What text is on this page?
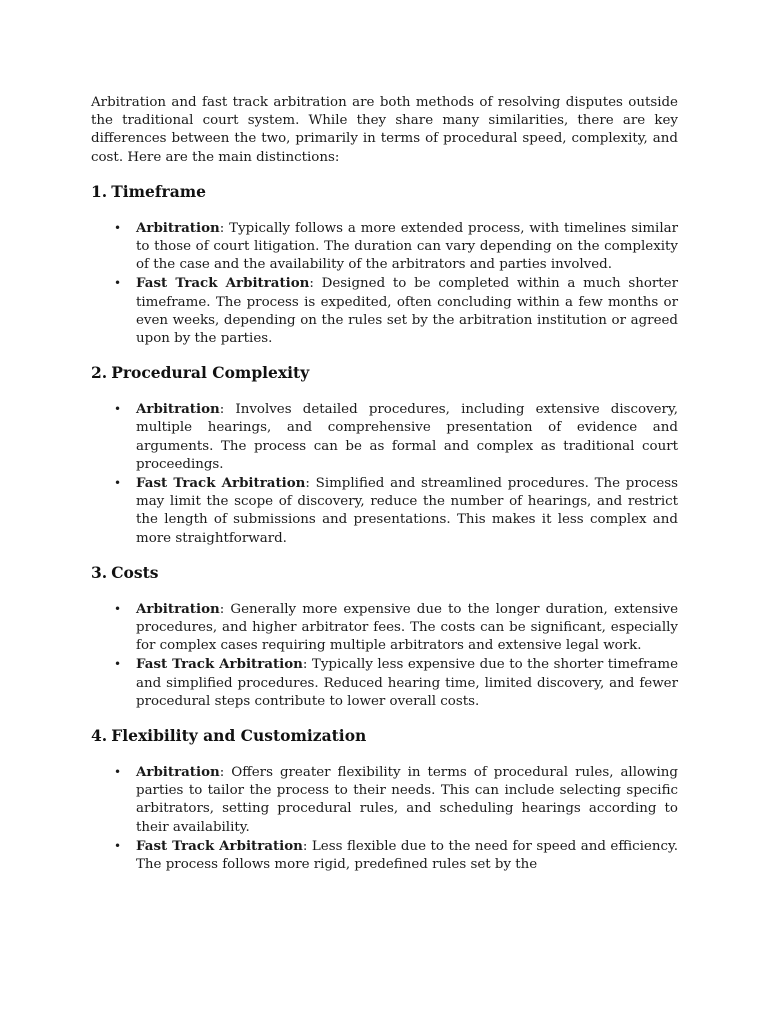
Arbitration and fast track arbitration are both methods of resolving disputes outside the traditional court system. While they share many similarities, there are key differences between the two, primarily in terms of procedural speed, complexity, and cost. Here are the main distinctions:

1. Timeframe
• Arbitration: Typically follows a more extended process, with timelines similar to those of court litigation. The duration can vary depending on the complexity of the case and the availability of the arbitrators and parties involved.
• Fast Track Arbitration: Designed to be completed within a much shorter timeframe. The process is expedited, often concluding within a few months or even weeks, depending on the rules set by the arbitration institution or agreed upon by the parties.
2. Procedural Complexity
• Arbitration: Involves detailed procedures, including extensive discovery, multiple hearings, and comprehensive presentation of evidence and arguments. The process can be as formal and complex as traditional court proceedings.
• Fast Track Arbitration: Simplified and streamlined procedures. The process may limit the scope of discovery, reduce the number of hearings, and restrict the length of submissions and presentations. This makes it less complex and more straightforward.
3. Costs
• Arbitration: Generally more expensive due to the longer duration, extensive procedures, and higher arbitrator fees. The costs can be significant, especially for complex cases requiring multiple arbitrators and extensive legal work.
• Fast Track Arbitration: Typically less expensive due to the shorter timeframe and simplified procedures. Reduced hearing time, limited discovery, and fewer procedural steps contribute to lower overall costs.
4. Flexibility and Customization
• Arbitration: Offers greater flexibility in terms of procedural rules, allowing parties to tailor the process to their needs. This can include selecting specific arbitrators, setting procedural rules, and scheduling hearings according to their availability.
• Fast Track Arbitration: Less flexible due to the need for speed and efficiency. The process follows more rigid, predefined rules set by the
